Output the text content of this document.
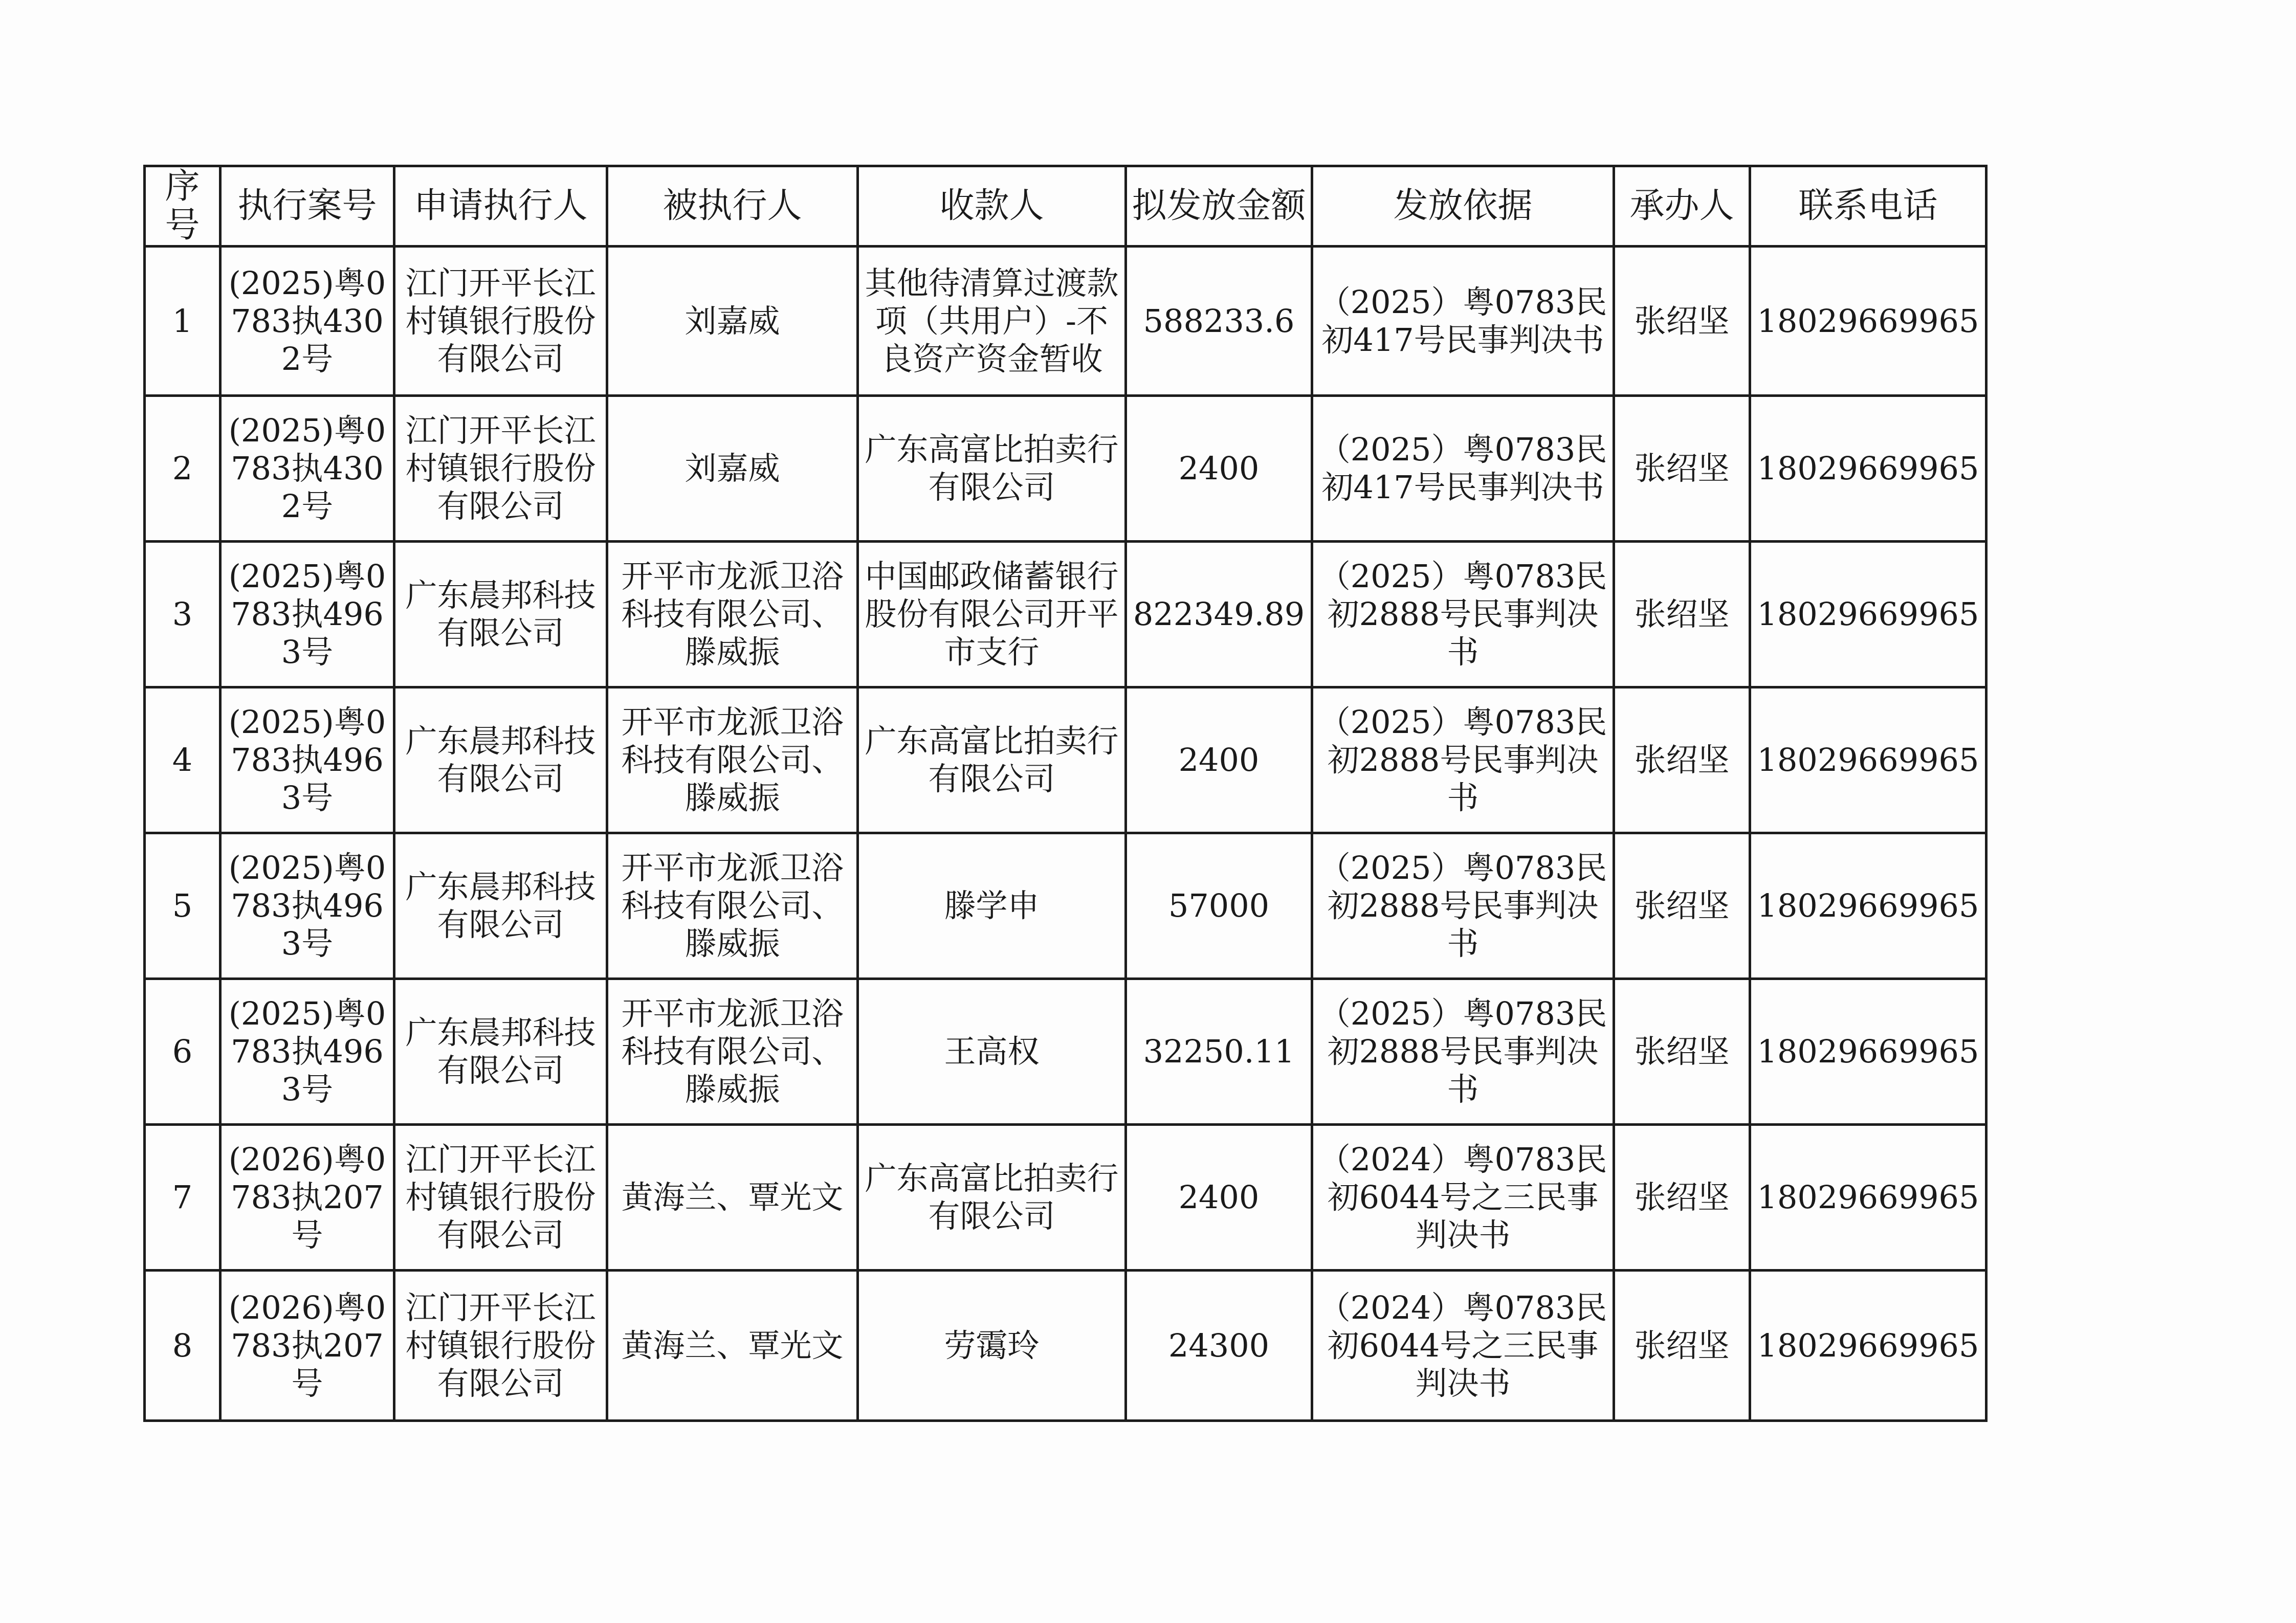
序号	执行案号	申请执行人	被执行人	收款人	拟发放金额	发放依据	承办人	联系电话
1	(2025)粤0783执4302号	江门开平长江村镇银行股份有限公司	刘嘉威	其他待清算过渡款项（共用户）-不良资产资金暂收	588233.6	（2025）粤0783民初417号民事判决书	张绍坚	18029669965
2	(2025)粤0783执4302号	江门开平长江村镇银行股份有限公司	刘嘉威	广东高富比拍卖行有限公司	2400	（2025）粤0783民初417号民事判决书	张绍坚	18029669965
3	(2025)粤0783执4963号	广东晨邦科技有限公司	开平市龙派卫浴科技有限公司、滕威振	中国邮政储蓄银行股份有限公司开平市支行	822349.89	（2025）粤0783民初2888号民事判决书	张绍坚	18029669965
4	(2025)粤0783执4963号	广东晨邦科技有限公司	开平市龙派卫浴科技有限公司、滕威振	广东高富比拍卖行有限公司	2400	（2025）粤0783民初2888号民事判决书	张绍坚	18029669965
5	(2025)粤0783执4963号	广东晨邦科技有限公司	开平市龙派卫浴科技有限公司、滕威振	滕学申	57000	（2025）粤0783民初2888号民事判决书	张绍坚	18029669965
6	(2025)粤0783执4963号	广东晨邦科技有限公司	开平市龙派卫浴科技有限公司、滕威振	王高权	32250.11	（2025）粤0783民初2888号民事判决书	张绍坚	18029669965
7	(2026)粤0783执207号	江门开平长江村镇银行股份有限公司	黄海兰、覃光文	广东高富比拍卖行有限公司	2400	（2024）粤0783民初6044号之三民事判决书	张绍坚	18029669965
8	(2026)粤0783执207号	江门开平长江村镇银行股份有限公司	黄海兰、覃光文	劳霭玲	24300	（2024）粤0783民初6044号之三民事判决书	张绍坚	18029669965
